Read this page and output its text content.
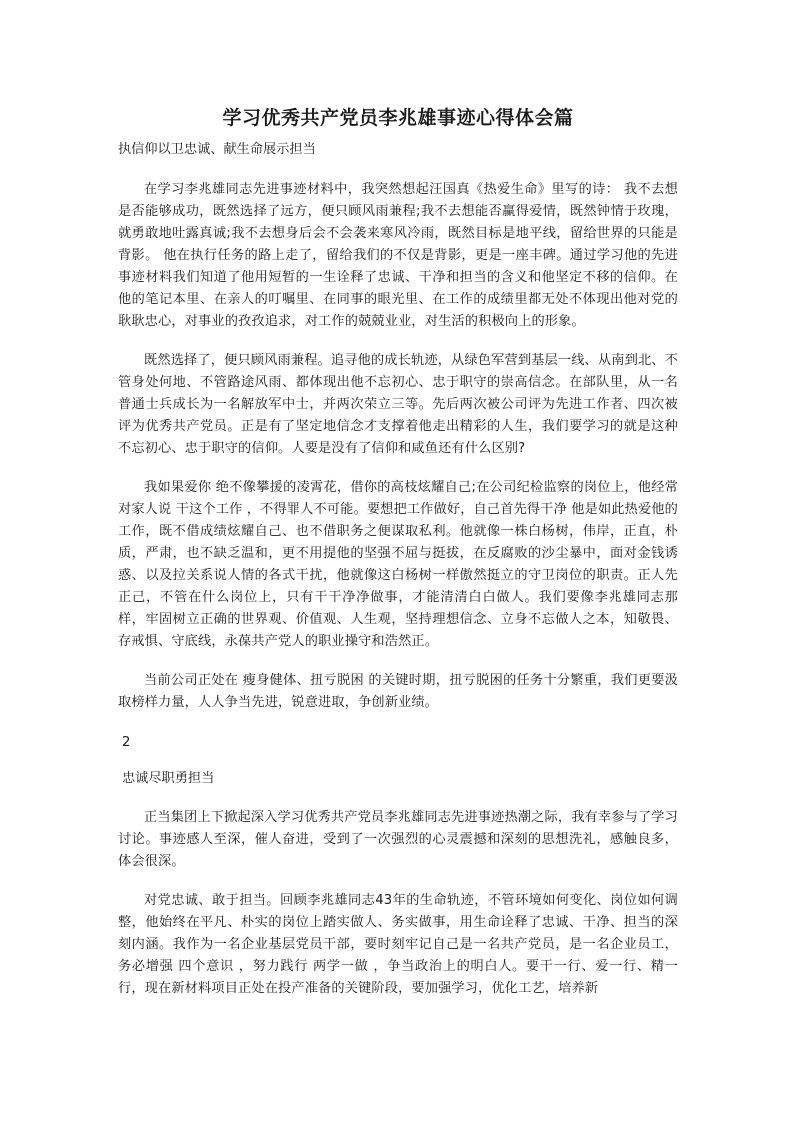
学习优秀共产党员李兆雄事迹心得体会篇

执信仰以卫忠诚、献生命展示担当

在学习李兆雄同志先进事迹材料中，我突然想起汪国真《热爱生命》里写的诗： 我不去想是否能够成功，既然选择了远方，便只顾风雨兼程;我不去想能否赢得爱情，既然钟情于玫瑰，就勇敢地吐露真诚;我不去想身后会不会袭来寒风冷雨，既然目标是地平线，留给世界的只能是背影。 他在执行任务的路上走了，留给我们的不仅是背影，更是一座丰碑。通过学习他的先进事迹材料我们知道了他用短暂的一生诠释了忠诚、干净和担当的含义和他坚定不移的信仰。在他的笔记本里、在亲人的叮嘱里、在同事的眼光里、在工作的成绩里都无处不体现出他对党的耿耿忠心，对事业的孜孜追求，对工作的兢兢业业，对生活的积极向上的形象。

既然选择了，便只顾风雨兼程。追寻他的成长轨迹，从绿色军营到基层一线、从南到北、不管身处何地、不管路途风雨、都体现出他不忘初心、忠于职守的崇高信念。在部队里，从一名普通士兵成长为一名解放军中士，并两次荣立三等。先后两次被公司评为先进工作者、四次被评为优秀共产党员。正是有了坚定地信念才支撑着他走出精彩的人生，我们要学习的就是这种不忘初心、忠于职守的信仰。人要是没有了信仰和咸鱼还有什么区别?

我如果爱你 绝不像攀援的凌霄花，借你的高枝炫耀自己;在公司纪检监察的岗位上，他经常对家人说 干这个工作 ，不得罪人不可能。要想把工作做好，自己首先得干净 他是如此热爱他的工作，既不借成绩炫耀自己、也不借职务之便谋取私利。他就像一株白杨树，伟岸，正直，朴质，严肃，也不缺乏温和，更不用提他的坚强不屈与挺拔，在反腐败的沙尘暴中，面对金钱诱惑、以及拉关系说人情的各式干扰，他就像这白杨树一样傲然挺立的守卫岗位的职责。正人先正己，不管在什么岗位上，只有干干净净做事，才能清清白白做人。我们要像李兆雄同志那样，牢固树立正确的世界观、价值观、人生观，坚持理想信念、立身不忘做人之本，知敬畏、存戒惧、守底线，永葆共产党人的职业操守和浩然正。

当前公司正处在 瘦身健体、扭亏脱困 的关键时期，扭亏脱困的任务十分繁重，我们更要汲取榜样力量，人人争当先进，锐意进取，争创新业绩。

2

忠诚尽职勇担当

正当集团上下掀起深入学习优秀共产党员李兆雄同志先进事迹热潮之际，我有幸参与了学习讨论。事迹感人至深，催人奋进，受到了一次强烈的心灵震撼和深刻的思想洗礼，感触良多，体会很深。

对党忠诚、敢于担当。回顾李兆雄同志43年的生命轨迹，不管环境如何变化、岗位如何调整，他始终在平凡、朴实的岗位上踏实做人、务实做事，用生命诠释了忠诚、干净、担当的深刻内涵。我作为一名企业基层党员干部，要时刻牢记自己是一名共产党员，是一名企业员工，务必增强 四个意识 ，努力践行 两学一做 ，争当政治上的明白人。要干一行、爱一行、精一行，现在新材料项目正处在投产准备的关键阶段，要加强学习，优化工艺，培养新
